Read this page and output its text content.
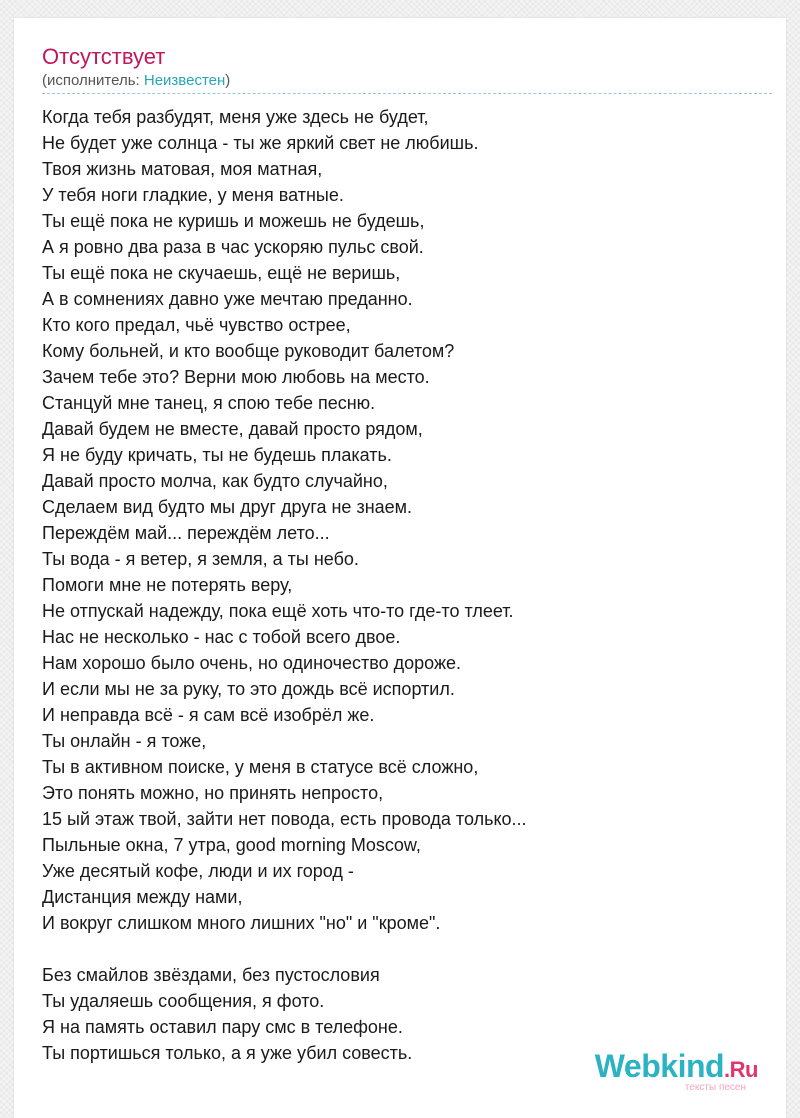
Отсутствует
(исполнитель: Неизвестен)
Когда тебя разбудят, меня уже здесь не будет,
Не будет уже солнца - ты же яркий свет не любишь.
Твоя жизнь матовая, моя матная,
У тебя ноги гладкие, у меня ватные.
Ты ещё пока не куришь и можешь не будешь,
А я ровно два раза в час ускоряю пульс свой.
Ты ещё пока не скучаешь, ещё не веришь,
А в сомнениях давно уже мечтаю преданно.
Кто кого предал, чьё чувство острее,
Кому больней, и кто вообще руководит балетом?
Зачем тебе это? Верни мою любовь на место.
Станцуй мне танец, я спою тебе песню.
Давай будем не вместе, давай просто рядом,
Я не буду кричать, ты не будешь плакать.
Давай просто молча, как будто случайно,
Сделаем вид будто мы друг друга не знаем.
Переждём май... переждём лето...
Ты вода - я ветер, я земля, а ты небо.
Помоги мне не потерять веру,
Не отпускай надежду, пока ещё хоть что-то где-то тлеет.
Нас не несколько - нас с тобой всего двое.
Нам хорошо было очень, но одиночество дороже.
И если мы не за руку, то это дождь всё испортил.
И неправда всё - я сам всё изобрёл же.
Ты онлайн - я тоже,
Ты в активном поиске, у меня в статусе всё сложно,
Это понять можно, но принять непросто,
15 ый этаж твой, зайти нет повода, есть провода только...
Пыльные окна, 7 утра, good morning Moscow,
Уже десятый кофе, люди и их город -
Дистанция между нами,
И вокруг слишком много лишних "но" и "кроме".
Без смайлов звёздами, без пустословия
Ты удаляешь сообщения, я фото.
Я на память оставил пару смс в телефоне.
Ты портишься только, а я уже убил совесть.	Webkind.Ru
тексты песен
